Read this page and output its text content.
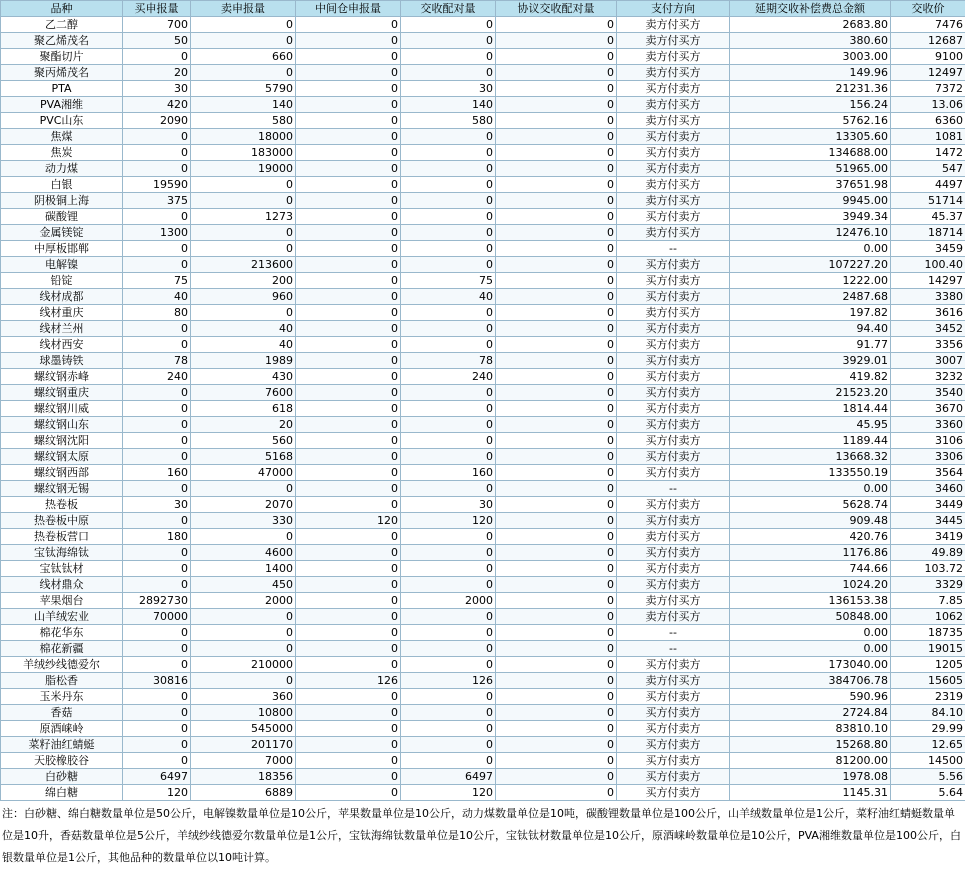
品种	买申报量	卖申报量	中间仓申报量	交收配对量	协议交收配对量	支付方向	延期交收补偿费总金额	交收价
乙二醇	700	0	0	0	0	卖方付买方	2683.80	7476
聚乙烯茂名	50	0	0	0	0	卖方付买方	380.60	12687
聚酯切片	0	660	0	0	0	卖方付买方	3003.00	9100
聚丙烯茂名	20	0	0	0	0	卖方付买方	149.96	12497
PTA	30	5790	0	30	0	买方付卖方	21231.36	7372
PVA湘维	420	140	0	140	0	卖方付买方	156.24	13.06
PVC山东	2090	580	0	580	0	卖方付买方	5762.16	6360
焦煤	0	18000	0	0	0	买方付卖方	13305.60	1081
焦炭	0	183000	0	0	0	买方付卖方	134688.00	1472
动力煤	0	19000	0	0	0	买方付卖方	51965.00	547
白银	19590	0	0	0	0	卖方付买方	37651.98	4497
阴极铜上海	375	0	0	0	0	卖方付买方	9945.00	51714
碳酸锂	0	1273	0	0	0	买方付卖方	3949.34	45.37
金属镁锭	1300	0	0	0	0	卖方付买方	12476.10	18714
中厚板邯郸	0	0	0	0	0	--	0.00	3459
电解镍	0	213600	0	0	0	买方付卖方	107227.20	100.40
铅锭	75	200	0	75	0	买方付卖方	1222.00	14297
线材成都	40	960	0	40	0	买方付卖方	2487.68	3380
线材重庆	80	0	0	0	0	卖方付买方	197.82	3616
线材兰州	0	40	0	0	0	买方付卖方	94.40	3452
线材西安	0	40	0	0	0	买方付卖方	91.77	3356
球墨铸铁	78	1989	0	78	0	买方付卖方	3929.01	3007
螺纹钢赤峰	240	430	0	240	0	买方付卖方	419.82	3232
螺纹钢重庆	0	7600	0	0	0	买方付卖方	21523.20	3540
螺纹钢川威	0	618	0	0	0	买方付卖方	1814.44	3670
螺纹钢山东	0	20	0	0	0	买方付卖方	45.95	3360
螺纹钢沈阳	0	560	0	0	0	买方付卖方	1189.44	3106
螺纹钢太原	0	5168	0	0	0	买方付卖方	13668.32	3306
螺纹钢西部	160	47000	0	160	0	买方付卖方	133550.19	3564
螺纹钢无锡	0	0	0	0	0	--	0.00	3460
热卷板	30	2070	0	30	0	买方付卖方	5628.74	3449
热卷板中原	0	330	120	120	0	买方付卖方	909.48	3445
热卷板营口	180	0	0	0	0	卖方付买方	420.76	3419
宝钛海绵钛	0	4600	0	0	0	买方付卖方	1176.86	49.89
宝钛钛材	0	1400	0	0	0	买方付卖方	744.66	103.72
线材鼎众	0	450	0	0	0	买方付卖方	1024.20	3329
苹果烟台	2892730	2000	0	2000	0	卖方付买方	136153.38	7.85
山羊绒宏业	70000	0	0	0	0	卖方付买方	50848.00	1062
棉花华东	0	0	0	0	0	--	0.00	18735
棉花新疆	0	0	0	0	0	--	0.00	19015
羊绒纱线德爱尔	0	210000	0	0	0	买方付卖方	173040.00	1205
脂松香	30816	0	126	126	0	卖方付买方	384706.78	15605
玉米丹东	0	360	0	0	0	买方付卖方	590.96	2319
香菇	0	10800	0	0	0	买方付卖方	2724.84	84.10
原酒崃岭	0	545000	0	0	0	买方付卖方	83810.10	29.99
菜籽油红蜻蜓	0	201170	0	0	0	买方付卖方	15268.80	12.65
天胶橡胶谷	0	7000	0	0	0	买方付卖方	81200.00	14500
白砂糖	6497	18356	0	6497	0	买方付卖方	1978.08	5.56
绵白糖	120	6889	0	120	0	买方付卖方	1145.31	5.64
注：白砂糖、绵白糖数量单位是50公斤，电解镍数量单位是10公斤，苹果数量单位是10公斤，动力煤数量单位是10吨，碳酸锂数量单位是100公斤，山羊绒数量单位是1公斤，菜籽油红蜻蜓数量单位是10升，香菇数量单位是5公斤，羊绒纱线德爱尔数量单位是1公斤，宝钛海绵钛数量单位是10公斤，宝钛钛材数量单位是10公斤，原酒崃岭数量单位是10公斤，PVA湘维数量单位是100公斤，白银数量单位是1公斤，其他品种的数量单位以10吨计算。
